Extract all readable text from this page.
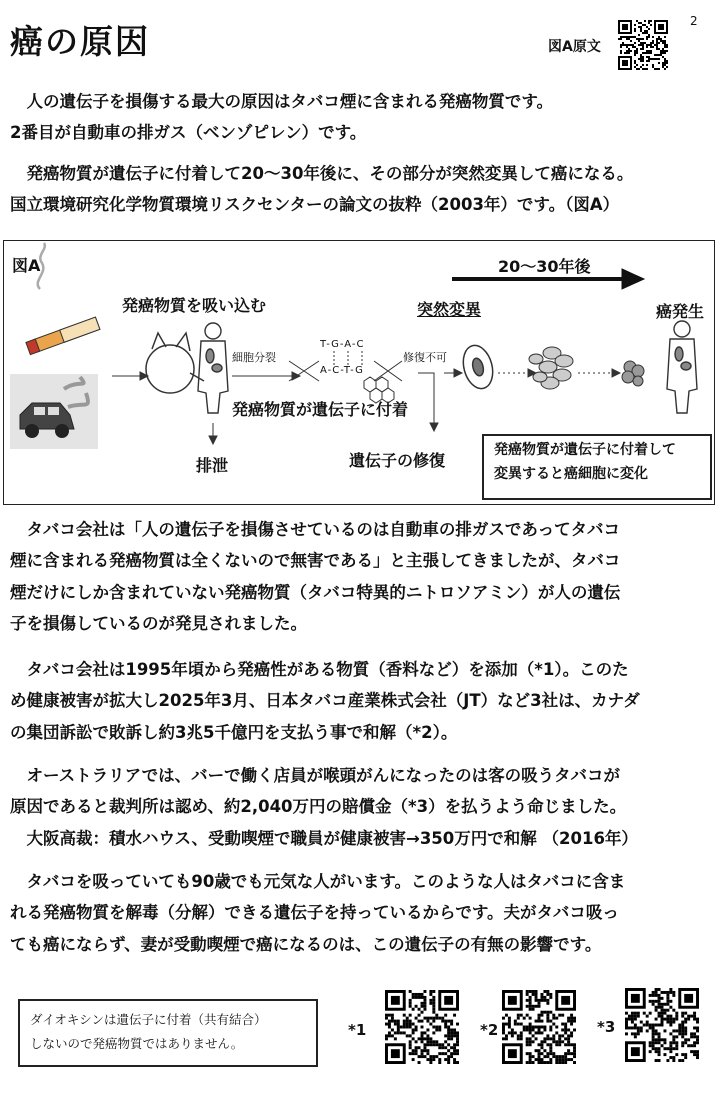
癌の原因
2
図A原文

　人の遺伝子を損傷する最大の原因はタバコ煙に含まれる発癌物質です。

2番目が自動車の排ガス（ベンゾピレン）です。

　発癌物質が遺伝子に付着して20〜30年後に、その部分が突然変異して癌になる。

国立環境研究化学物質環境リスクセンターの論文の抜粋（2003年）です。（図A）

図A
発癌物質を吸い込む
20〜30年後
突然変異	癌発生
細胞分裂
T-G-A-C
A-C-T-G
修復不可
発癌物質が遺伝子に付着
排泄	遺伝子の修復

発癌物質が遺伝子に付着して

変異すると癌細胞に変化

　タバコ会社は「人の遺伝子を損傷させているのは自動車の排ガスであってタバコ

煙に含まれる発癌物質は全くないので無害である」と主張してきましたが、タバコ

煙だけにしか含まれていない発癌物質（タバコ特異的ニトロソアミン）が人の遺伝

子を損傷しているのが発見されました。

　タバコ会社は1995年頃から発癌性がある物質（香料など）を添加（*1）。このた

め健康被害が拡大し2025年3月、日本タバコ産業株式会社（JT）など3社は、カナダ

の集団訴訟で敗訴し約3兆5千億円を支払う事で和解（*2）。

　オーストラリアでは、バーで働く店員が喉頭がんになったのは客の吸うタバコが

原因であると裁判所は認め、約2,040万円の賠償金（*3）を払うよう命じました。

　大阪高裁：積水ハウス、受動喫煙で職員が健康被害→350万円で和解 （2016年）

　タバコを吸っていても90歳でも元気な人がいます。このような人はタバコに含ま

れる発癌物質を解毒（分解）できる遺伝子を持っているからです。夫がタバコ吸っ

ても癌にならず、妻が受動喫煙で癌になるのは、この遺伝子の有無の影響です。

ダイオキシンは遺伝子に付着（共有結合）

しないので発癌物質ではありません。

*1	*2	*3
